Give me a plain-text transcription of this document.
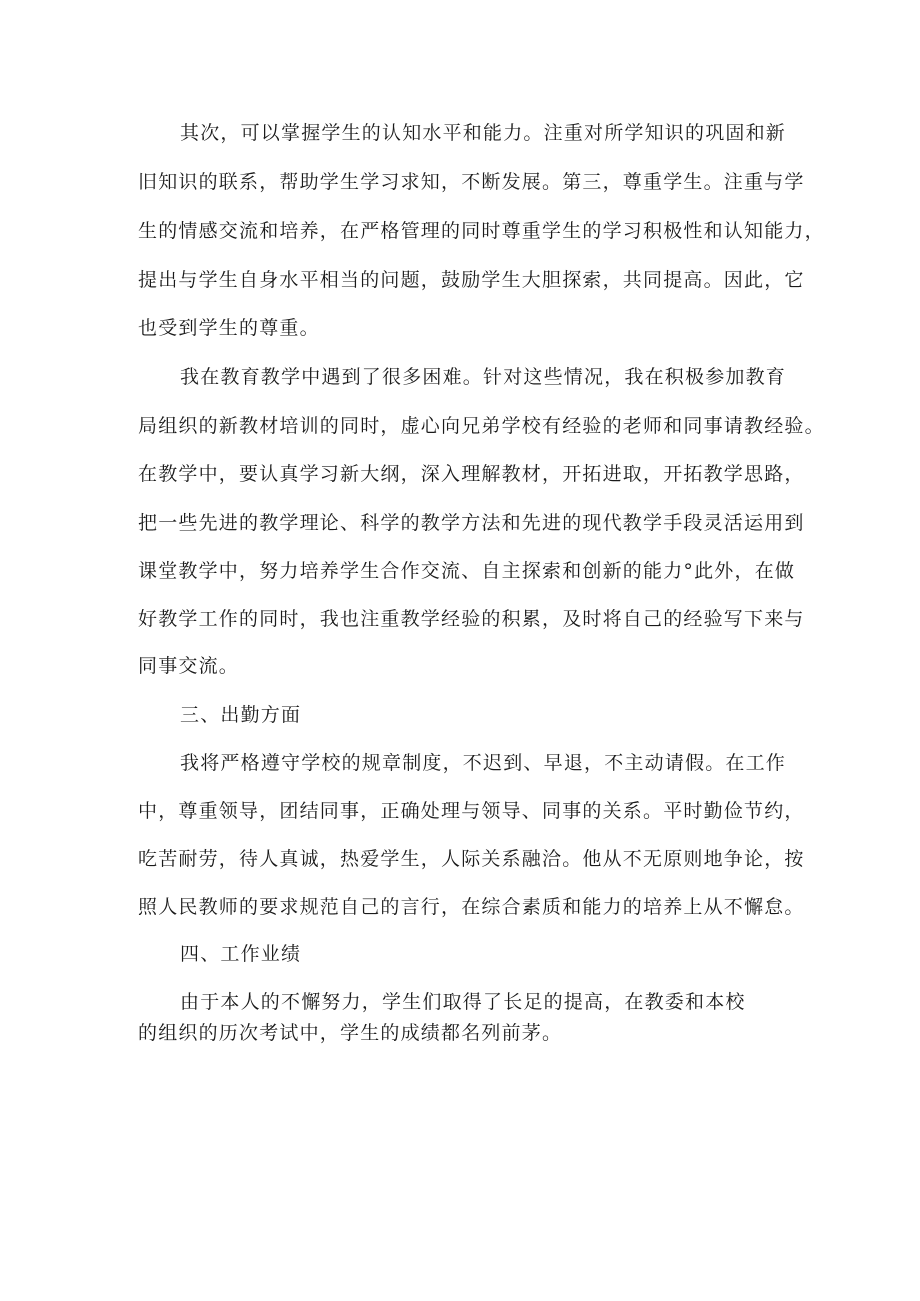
其次，可以掌握学生的认知水平和能力。注重对所学知识的巩固和新
旧知识的联系，帮助学生学习求知，不断发展。第三，尊重学生。注重与学
生的情感交流和培养，在严格管理的同时尊重学生的学习积极性和认知能力，
提出与学生自身水平相当的问题，鼓励学生大胆探索，共同提高。因此，它
也受到学生的尊重。
我在教育教学中遇到了很多困难。针对这些情况，我在积极参加教育
局组织的新教材培训的同时，虚心向兄弟学校有经验的老师和同事请教经验。
在教学中，要认真学习新大纲，深入理解教材，开拓进取，开拓教学思路，
把一些先进的教学理论、科学的教学方法和先进的现代教学手段灵活运用到
课堂教学中，努力培养学生合作交流、自主探索和创新的能力°此外，在做
好教学工作的同时，我也注重教学经验的积累，及时将自己的经验写下来与
同事交流。
三、出勤方面
我将严格遵守学校的规章制度，不迟到、早退，不主动请假。在工作
中，尊重领导，团结同事，正确处理与领导、同事的关系。平时勤俭节约，
吃苦耐劳，待人真诚，热爱学生，人际关系融洽。他从不无原则地争论，按
照人民教师的要求规范自己的言行，在综合素质和能力的培养上从不懈怠。
四、工作业绩
由于本人的不懈努力，学生们取得了长足的提高，在教委和本校
的组织的历次考试中，学生的成绩都名列前茅。
